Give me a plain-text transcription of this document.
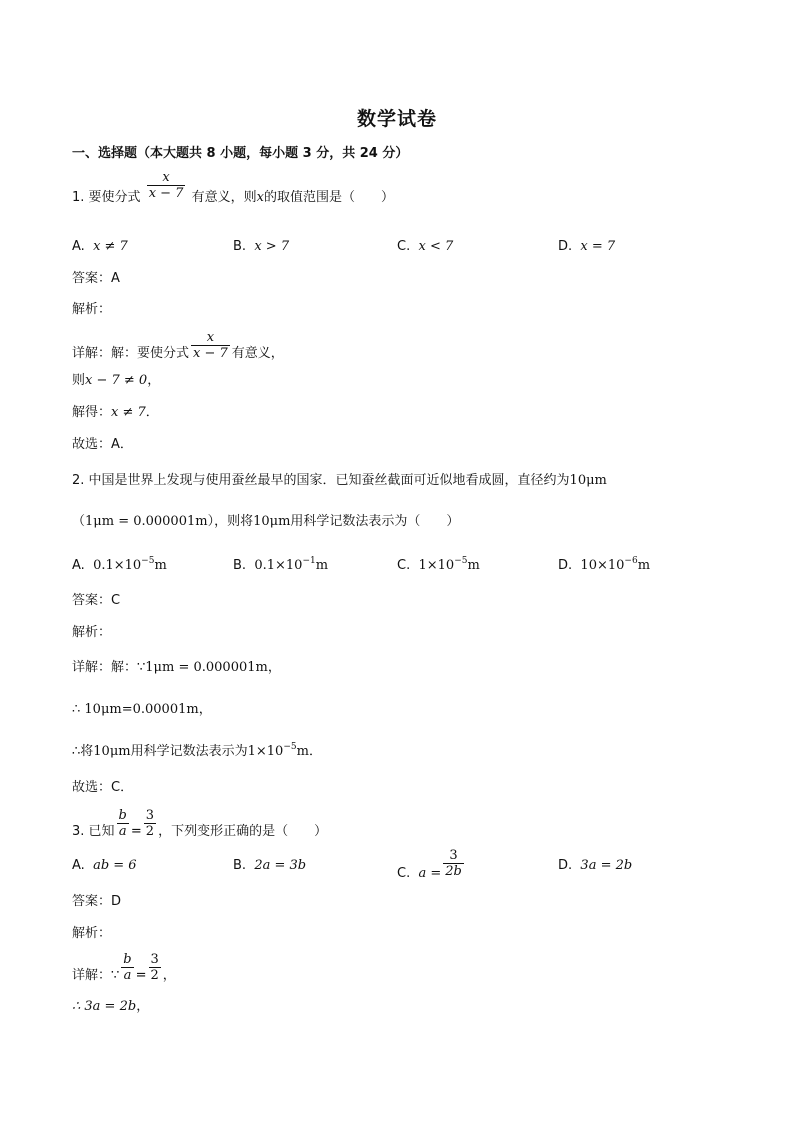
数学试卷
一、选择题（本大题共 8 小题，每小题 3 分，共 24 分）
1. 要使分式 $\frac{x}{x - 7}$ 有意义，则x的取值范围是（　　）
A. x ≠ 7	B. x > 7	C. x < 7	D. x = 7
答案：A
解析：
详解：解：要使分式 $\frac{x}{x - 7}$ 有意义，
则x − 7 ≠ 0，
解得：x ≠ 7．
故选：A．
2. 中国是世界上发现与使用蚕丝最早的国家．已知蚕丝截面可近似地看成圆，直径约为10μm
（1μm = 0.000001m），则将10μm用科学记数法表示为（　　）
A. $0.1\times 10^{-5}m$	B. $0.1\times 10^{-1}m$	C. $1\times 10^{-5}m$	D. $10\times 10^{-6}m$
答案：C
解析：
详解：解：∵1μm = 0.000001m，
∴ 10μm=0.00001m，
∴将10μm用科学记数法表示为$1\times 10^{-5}m$．
故选：C．
3. 已知 $\frac{b}{a} = \frac{3}{2}$ ，下列变形正确的是（　　）
A. ab = 6	B. 2a = 3b
C. $a = \frac{3}{2b}$	D. 3a = 2b
答案：D
解析：
详解：∵ $\frac{b}{a} = \frac{3}{2}$ ，
∴ 3a = 2b，
